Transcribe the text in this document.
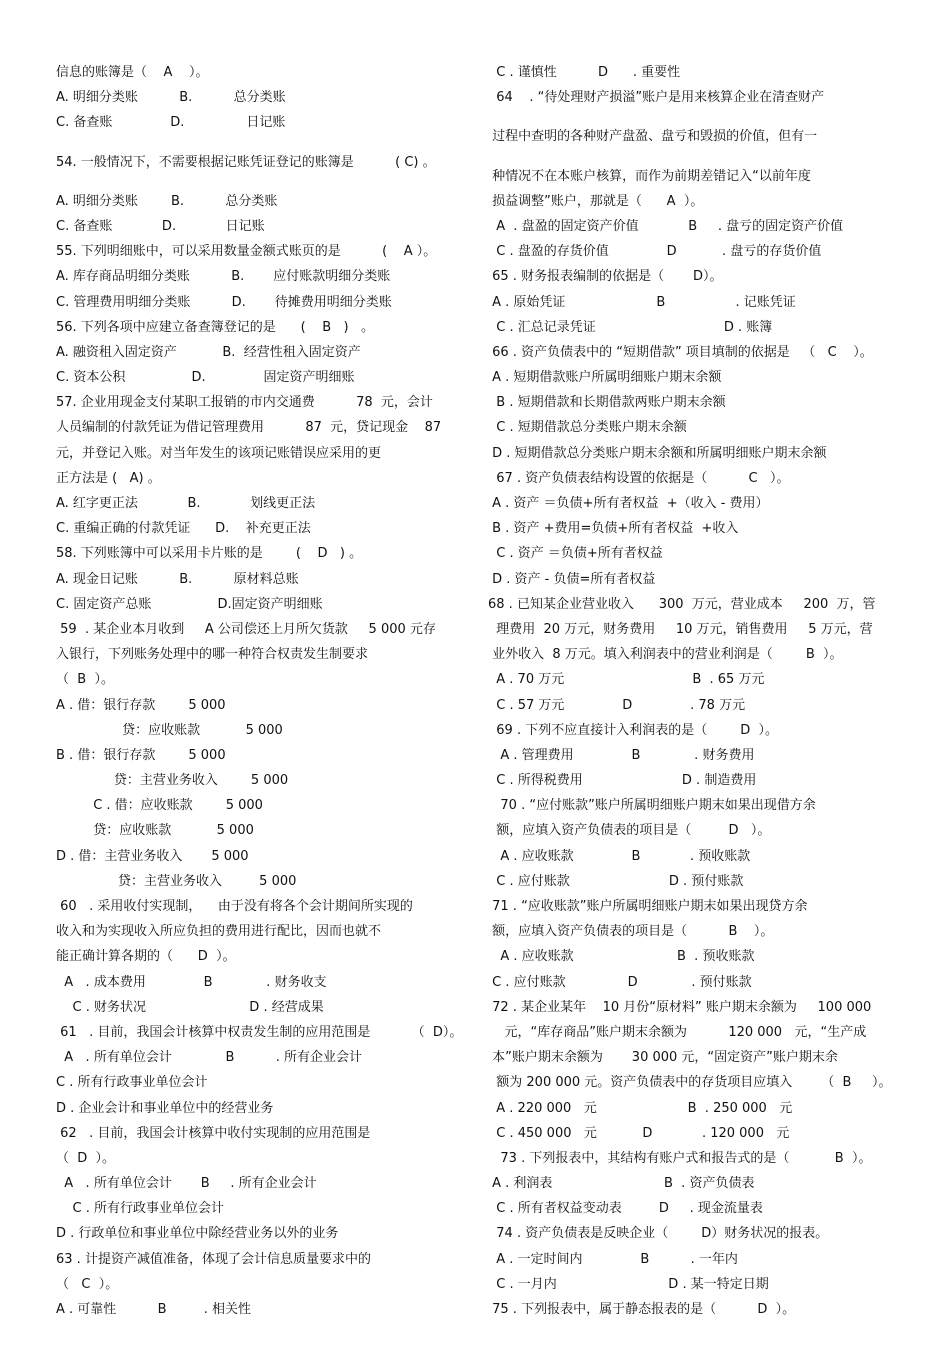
信息的账簿是（    A    ）。
A. 明细分类账          B.          总分类账
C. 备查账              D.               日记账
54. 一般情况下，不需要根据记账凭证登记的账簿是          ( C) 。
A. 明细分类账        B.          总分类账
C. 备查账            D.            日记账
55. 下列明细账中，可以采用数量金额式账页的是          (    A ）。
A. 库存商品明细分类账          B.       应付账款明细分类账
C. 管理费用明细分类账          D.       待摊费用明细分类账
56. 下列各项中应建立备查簿登记的是      (    B   )   。
A. 融资租入固定资产           B.  经营性租入固定资产
C. 资本公积                D.              固定资产明细账
57. 企业用现金支付某职工报销的市内交通费          78  元，会计
人员编制的付款凭证为借记管理费用          87  元，贷记现金    87
元，并登记入账。对当年发生的该项记账错误应采用的更
正方法是 (   A) 。
A. 红字更正法            B.            划线更正法
C. 重编正确的付款凭证      D.    补充更正法
58. 下列账簿中可以采用卡片账的是        (    D   ) 。
A. 现金日记账          B.          原材料总账
C. 固定资产总账                D.固定资产明细账
59  . 某企业本月收到     A 公司偿还上月所欠货款     5 000 元存
入银行，下列账务处理中的哪一种符合权责发生制要求
（  B  ）。
A . 借：银行存款        5 000
贷：应收账款           5 000
B . 借：银行存款        5 000
贷：主营业务收入        5 000
C . 借：应收账款        5 000
贷：应收账款           5 000
D . 借：主营业务收入       5 000
贷：主营业务收入         5 000
60   . 采用收付实现制，    由于没有将各个会计期间所实现的
收入和为实现收入所应负担的费用进行配比，因而也就不
能正确计算各期的（      D  ）。
A   . 成本费用              B             . 财务收支
C . 财务状况                         D . 经营成果
61   . 目前，我国会计核算中权责发生制的应用范围是          （  D）。
A   . 所有单位会计             B          . 所有企业会计
C . 所有行政事业单位会计
D . 企业会计和事业单位中的经营业务
62   . 目前，我国会计核算中收付实现制的应用范围是
（  D  ）。
A   . 所有单位会计       B     . 所有企业会计
C . 所有行政事业单位会计
D . 行政单位和事业单位中除经营业务以外的业务
63 . 计提资产减值准备，体现了会计信息质量要求中的
（   C  ）。
A . 可靠性          B         . 相关性
C . 谨慎性          D      . 重要性
64    . “待处理财产损溢”账户是用来核算企业在清查财产
过程中查明的各种财产盘盈、盘亏和毁损的价值，但有一
种情况不在本账户核算，而作为前期差错记入“以前年度
损益调整”账户，那就是（      A  ）。
A  . 盘盈的固定资产价值            B     . 盘亏的固定资产价值
C . 盘盈的存货价值              D           . 盘亏的存货价值
65 . 财务报表编制的依据是（       D）。
A . 原始凭证                      B                 . 记账凭证
C . 汇总记录凭证                               D . 账簿
66 . 资产负债表中的 “短期借款” 项目填制的依据是   （   C    ）。
A . 短期借款账户所属明细账户期末余额
B . 短期借款和长期借款两账户期末余额
C . 短期借款总分类账户期末余额
D . 短期借款总分类账户期末余额和所属明细账户期末余额
67 . 资产负债表结构设置的依据是（          C   ）。
A . 资产 ＝负债+所有者权益  +（收入 - 费用）
B . 资产 +费用=负债+所有者权益  +收入
C . 资产 ＝负债+所有者权益
D . 资产 - 负债=所有者权益
68 . 已知某企业营业收入      300  万元，营业成本     200  万，管
理费用  20 万元，财务费用     10 万元，销售费用     5 万元，营
业外收入  8 万元。填入利润表中的营业利润是（        B  ）。
A . 70 万元                               B  . 65 万元
C . 57 万元              D              . 78 万元
69 . 下列不应直接计入利润表的是（        D  ）。
A . 管理费用              B             . 财务费用
C . 所得税费用                        D . 制造费用
70 . “应付账款”账户所属明细账户期末如果出现借方余
额，应填入资产负债表的项目是（         D   ）。
A . 应收账款              B            . 预收账款
C . 应付账款                        D . 预付账款
71 . “应收账款”账户所属明细账户期末如果出现贷方余
额，应填入资产负债表的项目是（          B    ）。
A . 应收账款                         B  . 预收账款
C . 应付账款               D             . 预付账款
72 . 某企业某年    10 月份“原材料” 账户期末余额为     100 000
元，“库存商品”账户期末余额为          120 000   元，“生产成
本”账户期末余额为       30 000 元，“固定资产”账户期末余
额为 200 000 元。资产负债表中的存货项目应填入       （  B     ）。
A . 220 000   元                      B  . 250 000   元
C . 450 000   元           D            . 120 000   元
73 . 下列报表中，其结构有账户式和报告式的是（           B  ）。
A . 利润表                           B  . 资产负债表
C . 所有者权益变动表         D     . 现金流量表
74 . 资产负债表是反映企业（        D）财务状况的报表。
A . 一定时间内              B          . 一年内
C . 一月内                           D . 某一特定日期
75 . 下列报表中，属于静态报表的是（          D  ）。
